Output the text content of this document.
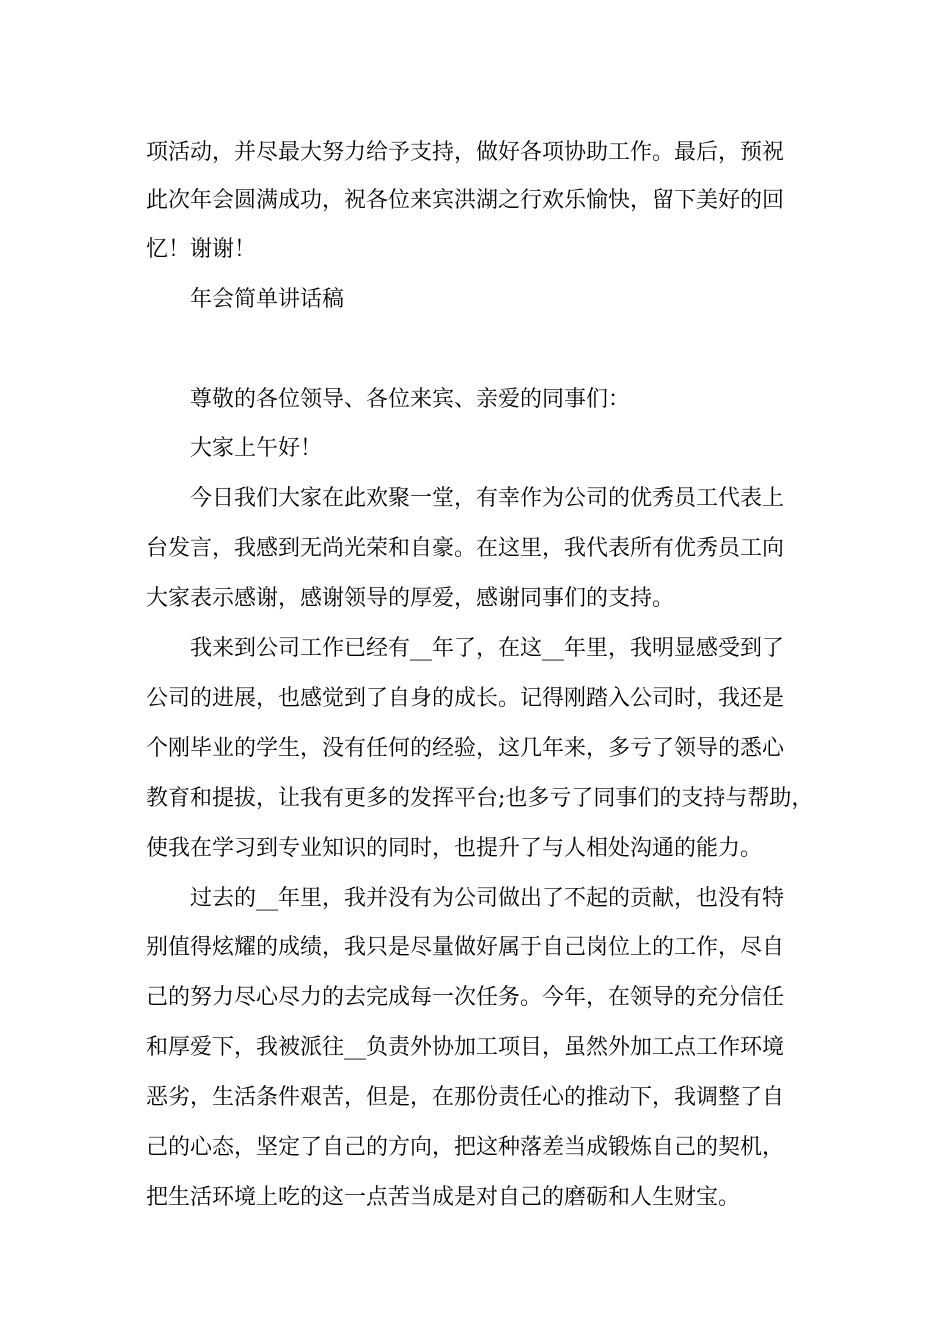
项活动，并尽最大努力给予支持，做好各项协助工作。最后，预祝
此次年会圆满成功，祝各位来宾洪湖之行欢乐愉快，留下美好的回
忆！谢谢！
年会简单讲话稿
尊敬的各位领导、各位来宾、亲爱的同事们：
大家上午好！
今日我们大家在此欢聚一堂，有幸作为公司的优秀员工代表上
台发言，我感到无尚光荣和自豪。在这里，我代表所有优秀员工向
大家表示感谢，感谢领导的厚爱，感谢同事们的支持。
我来到公司工作已经有__年了，在这__年里，我明显感受到了
公司的进展，也感觉到了自身的成长。记得刚踏入公司时，我还是
个刚毕业的学生，没有任何的经验，这几年来，多亏了领导的悉心
教育和提拔，让我有更多的发挥平台;也多亏了同事们的支持与帮助，
使我在学习到专业知识的同时，也提升了与人相处沟通的能力。
过去的__年里，我并没有为公司做出了不起的贡献，也没有特
别值得炫耀的成绩，我只是尽量做好属于自己岗位上的工作，尽自
己的努力尽心尽力的去完成每一次任务。今年，在领导的充分信任
和厚爱下，我被派往__负责外协加工项目，虽然外加工点工作环境
恶劣，生活条件艰苦，但是，在那份责任心的推动下，我调整了自
己的心态，坚定了自己的方向，把这种落差当成锻炼自己的契机，
把生活环境上吃的这一点苦当成是对自己的磨砺和人生财宝。
